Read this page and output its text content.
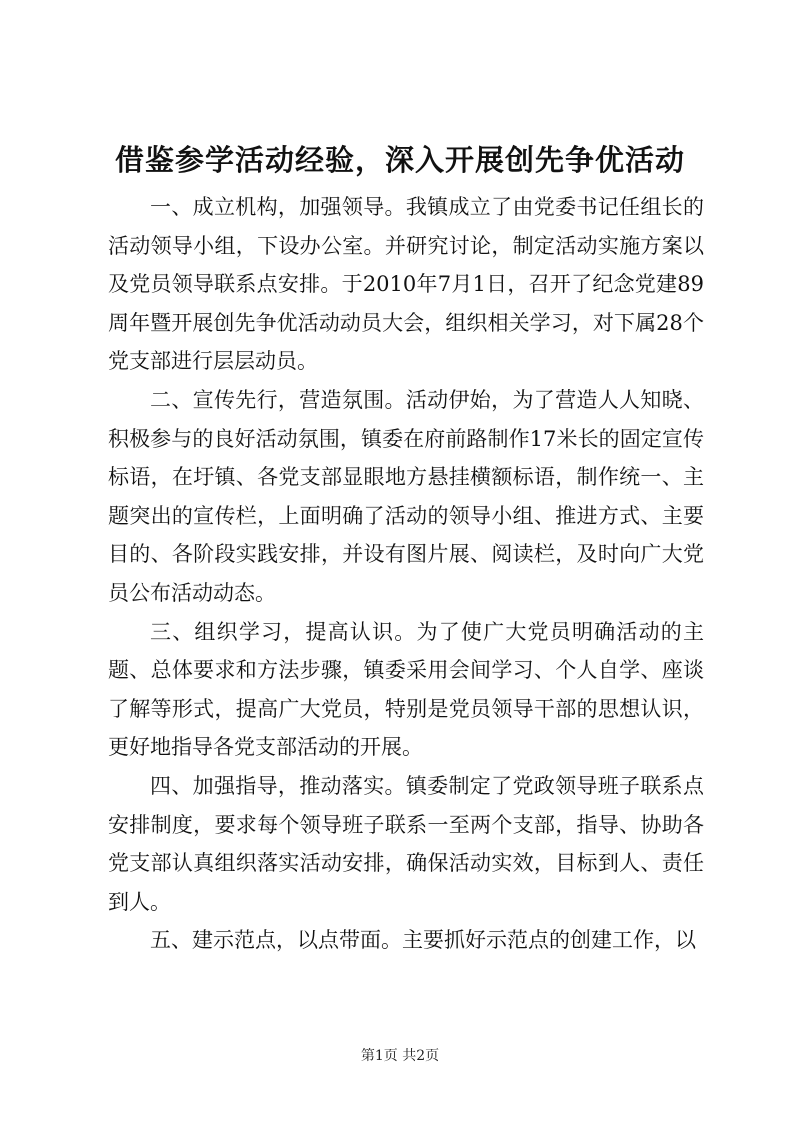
借鉴参学活动经验，深入开展创先争优活动

一、成立机构，加强领导。我镇成立了由党委书记任组长的活动领导小组，下设办公室。并研究讨论，制定活动实施方案以及党员领导联系点安排。于2010年7月1日，召开了纪念党建89周年暨开展创先争优活动动员大会，组织相关学习，对下属28个党支部进行层层动员。

二、宣传先行，营造氛围。活动伊始，为了营造人人知晓、积极参与的良好活动氛围，镇委在府前路制作17米长的固定宣传标语，在圩镇、各党支部显眼地方悬挂横额标语，制作统一、主题突出的宣传栏，上面明确了活动的领导小组、推进方式、主要目的、各阶段实践安排，并设有图片展、阅读栏，及时向广大党员公布活动动态。

三、组织学习，提高认识。为了使广大党员明确活动的主题、总体要求和方法步骤，镇委采用会间学习、个人自学、座谈了解等形式，提高广大党员，特别是党员领导干部的思想认识，更好地指导各党支部活动的开展。

四、加强指导，推动落实。镇委制定了党政领导班子联系点安排制度，要求每个领导班子联系一至两个支部，指导、协助各党支部认真组织落实活动安排，确保活动实效，目标到人、责任到人。

五、建示范点，以点带面。主要抓好示范点的创建工作，以

第1页 共2页
